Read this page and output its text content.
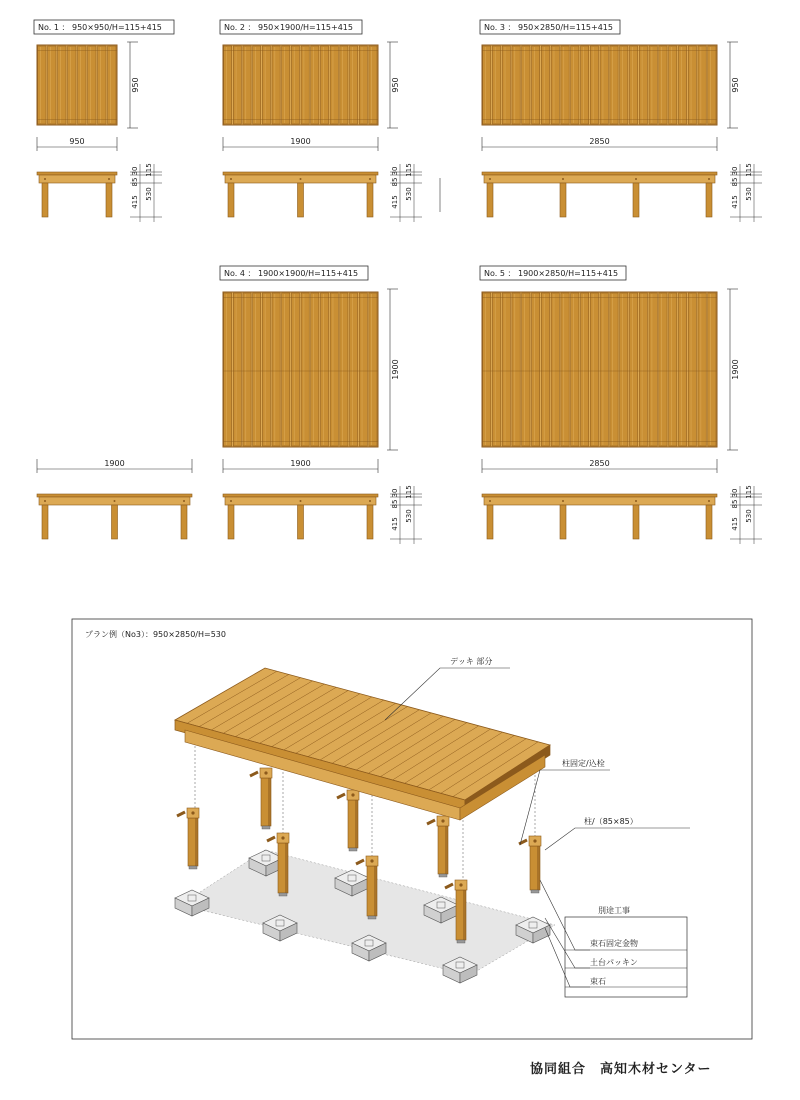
No. 1 ： 950×950/H=115+415
950
950
30
85
415
115
530
No. 2 ： 950×1900/H=115+415
950
1900
30
85
415
115
530
No. 3 ： 950×2850/H=115+415
950
2850
30
85
415
115
530
No. 4 ： 1900×1900/H=115+415
1900
1900
30
85
415
115
530
No. 5 ： 1900×2850/H=115+415
1900
2850
30
85
415
115
530
1900
プラン例（No3）：950×2850/H=530
デッキ 部分
柱固定/込栓
柱/（85×85）
別途工事
束石固定金物
土台パッキン
束石
協同組合　高知木材センター
